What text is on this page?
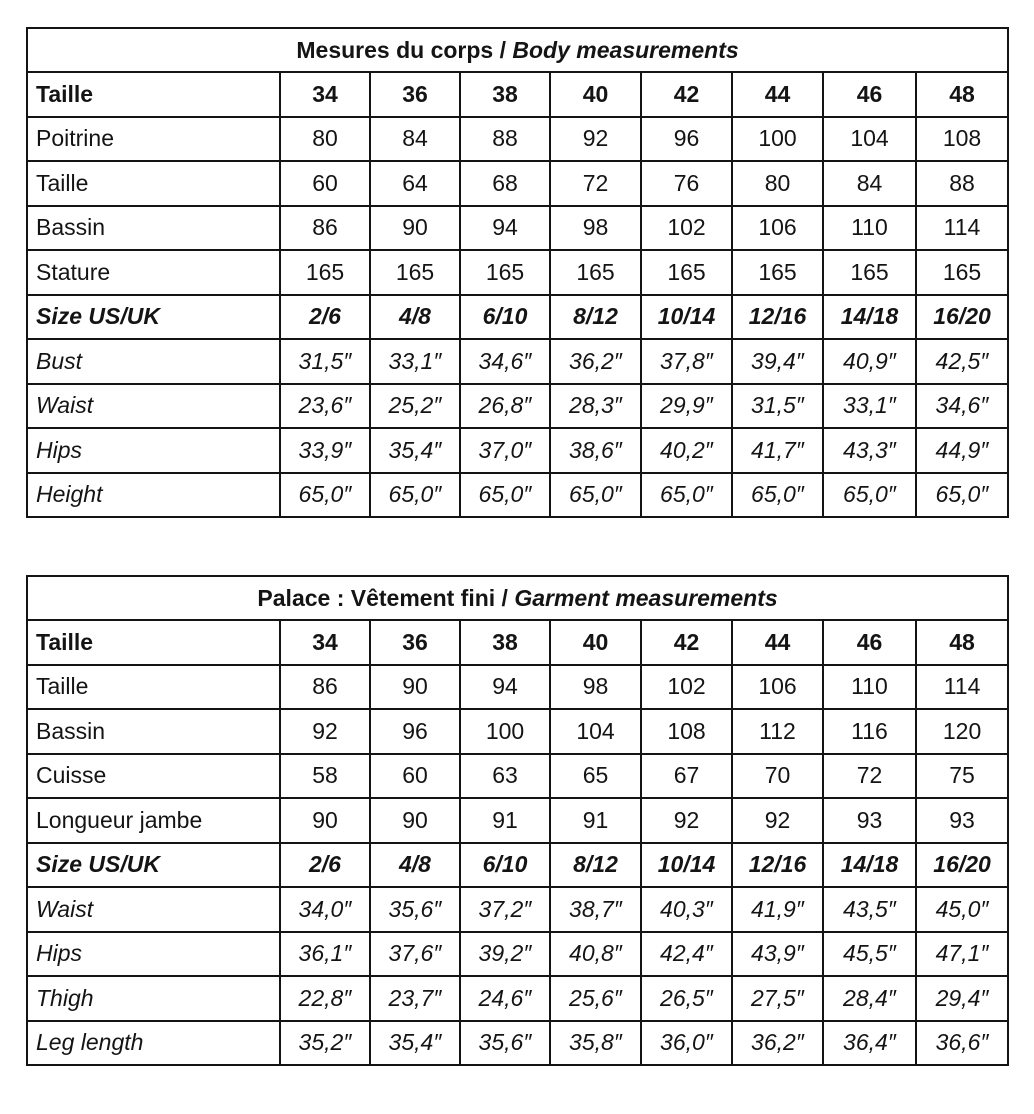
Mesures du corps / Body measurements								
Taille	34	36	38	40	42	44	46	48
Poitrine	80	84	88	92	96	100	104	108
Taille	60	64	68	72	76	80	84	88
Bassin	86	90	94	98	102	106	110	114
Stature	165	165	165	165	165	165	165	165
Size US/UK	2/6	4/8	6/10	8/12	10/14	12/16	14/18	16/20
Bust	31,5″	33,1″	34,6″	36,2″	37,8″	39,4″	40,9″	42,5″
Waist	23,6″	25,2″	26,8″	28,3″	29,9″	31,5″	33,1″	34,6″
Hips	33,9″	35,4″	37,0″	38,6″	40,2″	41,7″	43,3″	44,9″
Height	65,0″	65,0″	65,0″	65,0″	65,0″	65,0″	65,0″	65,0″
Palace : Vêtement fini / Garment measurements								
Taille	34	36	38	40	42	44	46	48
Taille	86	90	94	98	102	106	110	114
Bassin	92	96	100	104	108	112	116	120
Cuisse	58	60	63	65	67	70	72	75
Longueur jambe	90	90	91	91	92	92	93	93
Size US/UK	2/6	4/8	6/10	8/12	10/14	12/16	14/18	16/20
Waist	34,0″	35,6″	37,2″	38,7″	40,3″	41,9″	43,5″	45,0″
Hips	36,1″	37,6″	39,2″	40,8″	42,4″	43,9″	45,5″	47,1″
Thigh	22,8″	23,7″	24,6″	25,6″	26,5″	27,5″	28,4″	29,4″
Leg length	35,2″	35,4″	35,6″	35,8″	36,0″	36,2″	36,4″	36,6″
